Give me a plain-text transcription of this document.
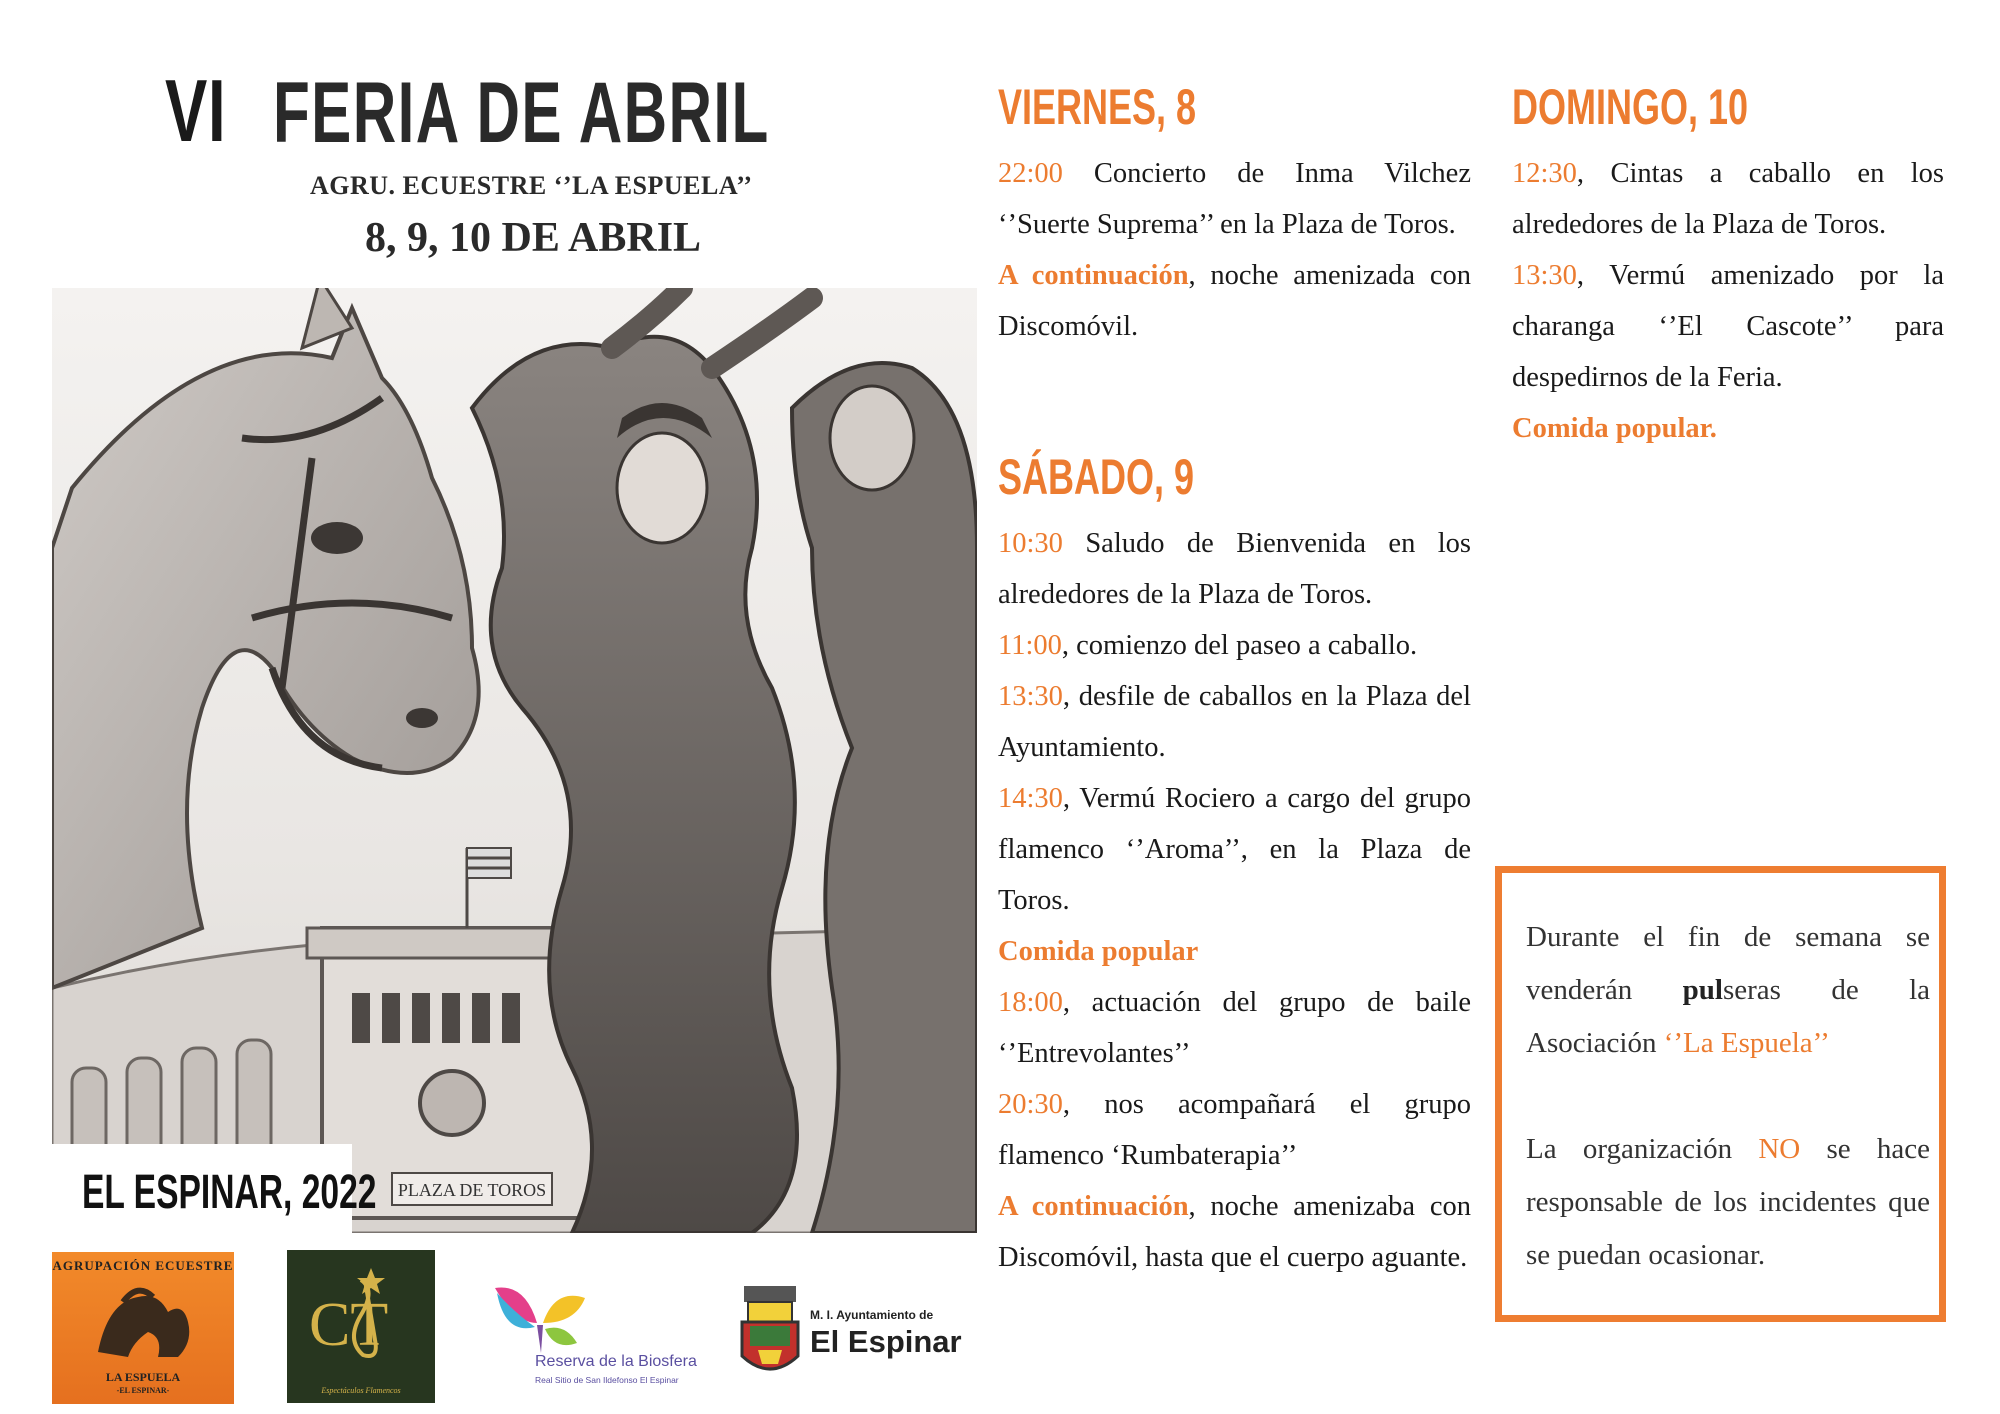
VI FERIA DE ABRIL
AGRU. ECUESTRE ‘’LA ESPUELA’’
8, 9, 10 DE ABRIL
PLAZA DE TOROS
EL ESPINAR, 2022
AGRUPACIÓN ECUESTRE
LA ESPUELA
-EL ESPINAR-
CT
Espectáculos Flamencos
Reserva de la Biosfera
Real Sitio de San Ildefonso El Espinar
M. I. Ayuntamiento de
El Espinar
VIERNES, 8

22:00 Concierto de Inma Vilchez ‘’Suerte Suprema’’ en la Plaza de Toros.

A continuación, noche amenizada con Discomóvil.

SÁBADO, 9

10:30 Saludo de Bienvenida en los alrededores de la Plaza de Toros.

11:00, comienzo del paseo a caballo.

13:30, desfile de caballos en la Plaza del Ayuntamiento.

14:30, Vermú Rociero a cargo del grupo flamenco ‘’Aroma’’, en la Plaza de Toros.

Comida popular

18:00, actuación del grupo de baile ‘’Entrevolantes’’

20:30, nos acompañará el grupo flamenco ‘Rumbaterapia’’

A continuación, noche amenizaba con Discomóvil, hasta que el cuerpo aguante.

DOMINGO, 10

12:30, Cintas a caballo en los alrededores de la Plaza de Toros.

13:30, Vermú amenizado por la charanga ‘’El Cascote’’ para despedirnos de la Feria.

Comida popular.

Durante el fin de semana se venderán pulseras de la Asociación ‘’La Espuela’’

La organización NO se hace responsable de los incidentes que se puedan ocasionar.
